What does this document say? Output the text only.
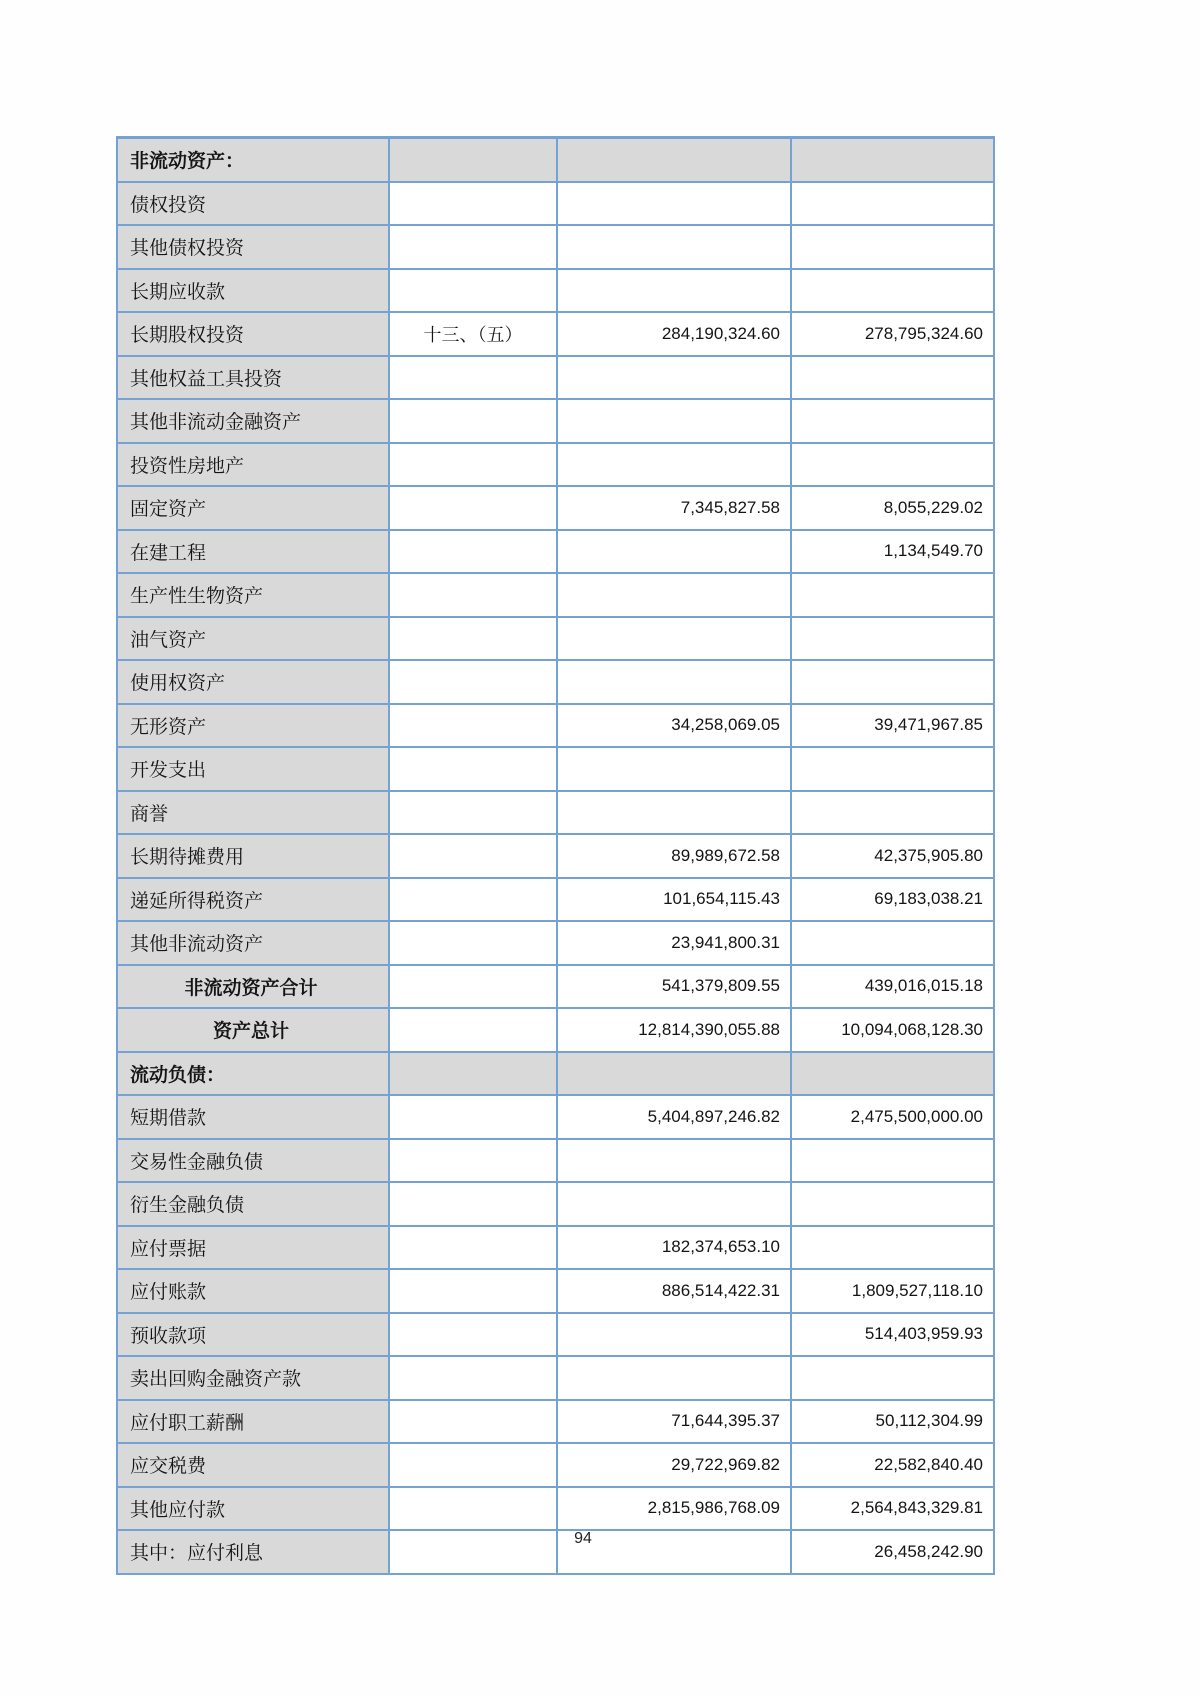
非流动资产：			
债权投资			
其他债权投资			
长期应收款			
长期股权投资	十三、（五）	284,190,324.60	278,795,324.60
其他权益工具投资			
其他非流动金融资产			
投资性房地产			
固定资产		7,345,827.58	8,055,229.02
在建工程			1,134,549.70
生产性生物资产			
油气资产			
使用权资产			
无形资产		34,258,069.05	39,471,967.85
开发支出			
商誉			
长期待摊费用		89,989,672.58	42,375,905.80
递延所得税资产		101,654,115.43	69,183,038.21
其他非流动资产		23,941,800.31	
非流动资产合计		541,379,809.55	439,016,015.18
资产总计		12,814,390,055.88	10,094,068,128.30
流动负债：			
短期借款		5,404,897,246.82	2,475,500,000.00
交易性金融负债			
衍生金融负债			
应付票据		182,374,653.10	
应付账款		886,514,422.31	1,809,527,118.10
预收款项			514,403,959.93
卖出回购金融资产款			
应付职工薪酬		71,644,395.37	50,112,304.99
应交税费		29,722,969.82	22,582,840.40
其他应付款		2,815,986,768.09	2,564,843,329.81
其中：应付利息			26,458,242.90
94
